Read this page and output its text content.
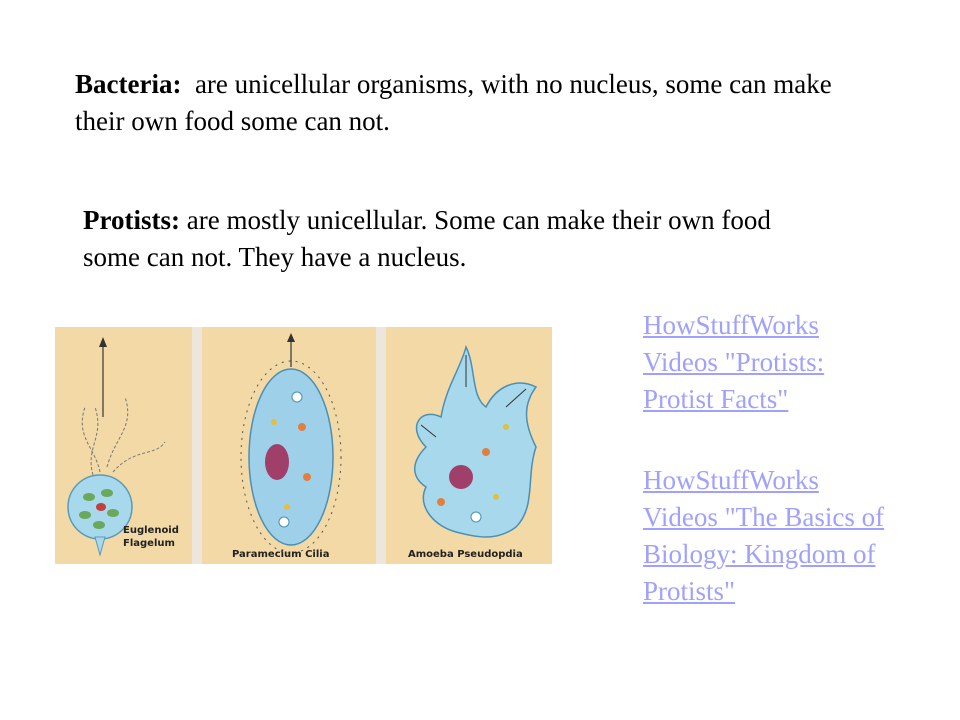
Bacteria: are unicellular organisms, with no nucleus, some can make their own food some can not.

Protists: are mostly unicellular. Some can make their own food some can not. They have a nucleus.

HowStuffWorks Videos "Protists: Protist Facts"
HowStuffWorks Videos "The Basics of Biology: Kingdom of Protists"
Euglenoid
Flagelum
Paramecium Cilia	Amoeba Pseudopdia
